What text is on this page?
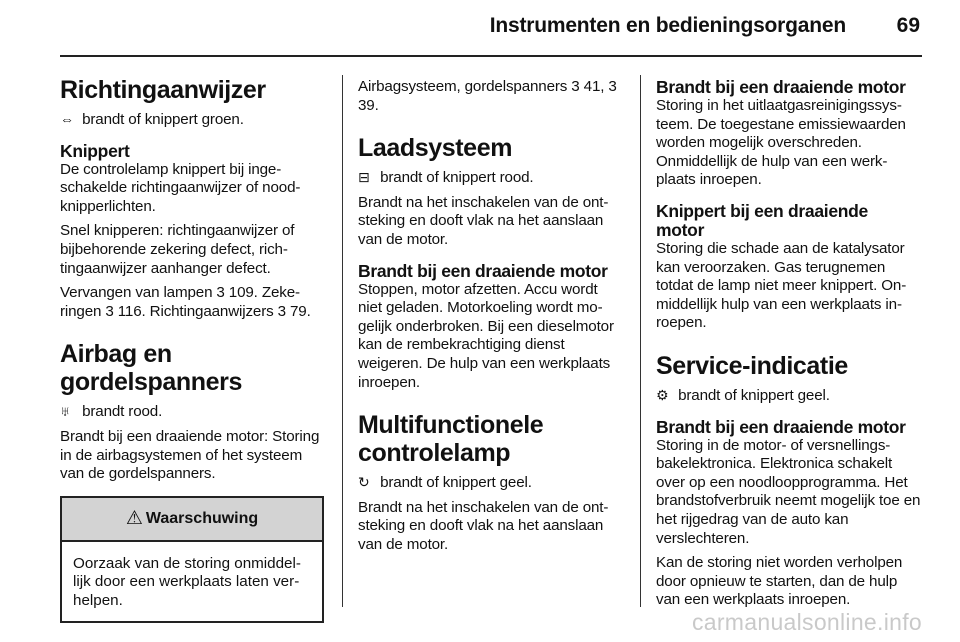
Instrumenten en bedieningsorganen 69
Richtingaanwijzer

⇔ brandt of knippert groen.

Knippert

De controlelamp knippert bij ingeschakelde richtingaanwijzer of noodknipperlichten.

Snel knipperen: richtingaanwijzer of bijbehorende zekering defect, richtingaanwijzer aanhanger defect.

Vervangen van lampen 3 109. Zekeringen 3 116. Richtingaanwijzers 3 79.

Airbag en gordelspanners

♅ brandt rood.

Brandt bij een draaiende motor: Storing in de airbagsystemen of het systeem van de gordelspanners.

⚠ Waarschuwing
Oorzaak van de storing onmiddellijk door een werkplaats laten verhelpen.

Airbagsysteem, gordelspanners 3 41, 3 39.

Laadsysteem

⊟ brandt of knippert rood.

Brandt na het inschakelen van de ontsteking en dooft vlak na het aanslaan van de motor.

Brandt bij een draaiende motor

Stoppen, motor afzetten. Accu wordt niet geladen. Motorkoeling wordt mogelijk onderbroken. Bij een dieselmotor kan de rembekrachtiging dienst weigeren. De hulp van een werkplaats inroepen.

Multifunctionele controlelamp

↻ brandt of knippert geel.

Brandt na het inschakelen van de ontsteking en dooft vlak na het aanslaan van de motor.

Brandt bij een draaiende motor

Storing in het uitlaatgasreinigingssysteem. De toegestane emissiewaarden worden mogelijk overschreden. Onmiddellijk de hulp van een werkplaats inroepen.

Knippert bij een draaiende motor

Storing die schade aan de katalysator kan veroorzaken. Gas terugnemen totdat de lamp niet meer knippert. Onmiddellijk hulp van een werkplaats inroepen.

Service-indicatie

⚙ brandt of knippert geel.

Brandt bij een draaiende motor

Storing in de motor- of versnellingsbakelektronica. Elektronica schakelt over op een noodloopprogramma. Het brandstofverbruik neemt mogelijk toe en het rijgedrag van de auto kan verslechteren.

Kan de storing niet worden verholpen door opnieuw te starten, dan de hulp van een werkplaats inroepen.

carmanualsonline.info
